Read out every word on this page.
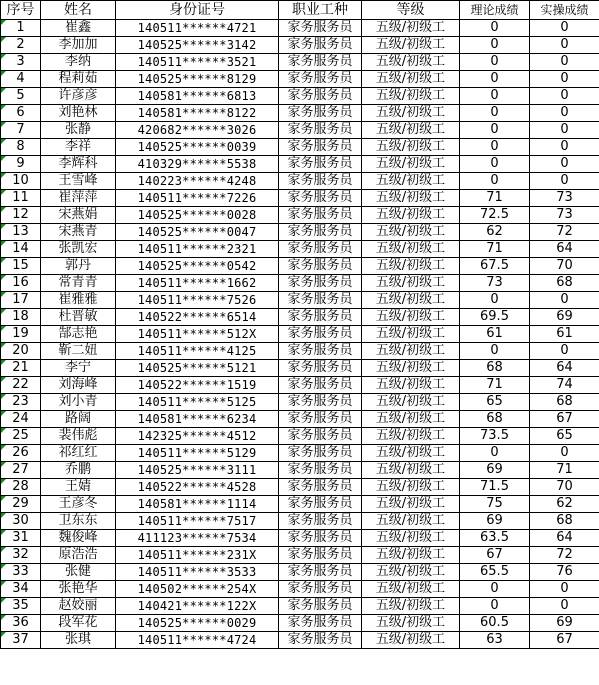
序号	姓名	身份证号	职业工种	等级	理论成绩	实操成绩

1	崔鑫	140511******4721	家务服务员	五级/初级工	0	0

2	李加加	140525******3142	家务服务员	五级/初级工	0	0

3	李纳	140511******3521	家务服务员	五级/初级工	0	0

4	程莉茹	140525******8129	家务服务员	五级/初级工	0	0

5	许彦彦	140581******6813	家务服务员	五级/初级工	0	0

6	刘艳林	140581******8122	家务服务员	五级/初级工	0	0

7	张静	420682******3026	家务服务员	五级/初级工	0	0

8	李祥	140525******0039	家务服务员	五级/初级工	0	0

9	李辉科	410329******5538	家务服务员	五级/初级工	0	0

10	王雪峰	140223******4248	家务服务员	五级/初级工	0	0

11	崔萍萍	140511******7226	家务服务员	五级/初级工	71	73

12	宋燕娟	140525******0028	家务服务员	五级/初级工	72.5	73

13	宋燕青	140525******0047	家务服务员	五级/初级工	62	72

14	张凯宏	140511******2321	家务服务员	五级/初级工	71	64

15	郭丹	140525******0542	家务服务员	五级/初级工	67.5	70

16	常青青	140511******1662	家务服务员	五级/初级工	73	68

17	崔雅雅	140511******7526	家务服务员	五级/初级工	0	0

18	杜晋敏	140522******6514	家务服务员	五级/初级工	69.5	69

19	郜志艳	140511******512X	家务服务员	五级/初级工	61	61

20	靳二妞	140511******4125	家务服务员	五级/初级工	0	0

21	李宁	140525******5121	家务服务员	五级/初级工	68	64

22	刘海峰	140522******1519	家务服务员	五级/初级工	71	74

23	刘小青	140511******5125	家务服务员	五级/初级工	65	68

24	路阔	140581******6234	家务服务员	五级/初级工	68	67

25	裴伟彪	142325******4512	家务服务员	五级/初级工	73.5	65

26	祁红红	140511******5129	家务服务员	五级/初级工	0	0

27	乔鹏	140525******3111	家务服务员	五级/初级工	69	71

28	王婧	140522******4528	家务服务员	五级/初级工	71.5	70

29	王彦冬	140581******1114	家务服务员	五级/初级工	75	62

30	卫东东	140511******7517	家务服务员	五级/初级工	69	68

31	魏俊峰	411123******7534	家务服务员	五级/初级工	63.5	64

32	原浩浩	140511******231X	家务服务员	五级/初级工	67	72

33	张健	140511******3533	家务服务员	五级/初级工	65.5	76

34	张艳华	140502******254X	家务服务员	五级/初级工	0	0

35	赵姣丽	140421******122X	家务服务员	五级/初级工	0	0

36	段军花	140525******0029	家务服务员	五级/初级工	60.5	69

37	张琪	140511******4724	家务服务员	五级/初级工	63	67
